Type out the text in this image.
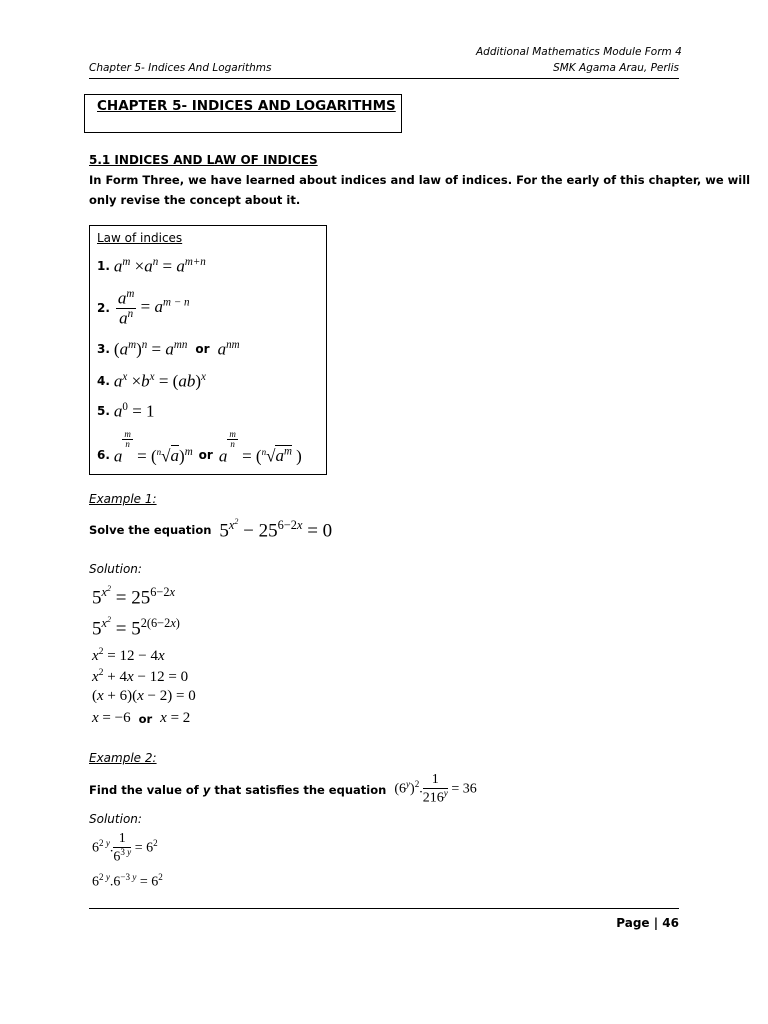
Additional Mathematics Module Form 4
Chapter 5- Indices And Logarithms	SMK Agama Arau, Perlis
CHAPTER 5- INDICES AND LOGARITHMS
5.1 INDICES AND LAW OF INDICES
In Form Three, we have learned about indices and law of indices. For the early of this chapter, we will
only revise the concept about it.
Law of indices
1. $a^m \times a^n = a^{m+n}$
2. $\frac{a^m}{a^n} = a^{m - n}$
3. $(a^m)^n = a^{mn}$ or $a^{nm}$
4. $a^x \times b^x = (ab)^x$
5. $a^0 = 1$
6. a
$\frac{m}{n}$
= $(^n√a)^m$ or a
$\frac{m}{n}$
= ($^n√a^m$ )
Example 1:
Solve the equation $5^{x^2} - 25^{6-2x} = 0$
Solution:
$5^{x^2} = 25^{6-2x}$
$5^{x^2} = 5^{2(6-2x)}$
$x^2 = 12 - 4x$
$x^2 + 4x - 12 = 0$
(x + 6)(x − 2) = 0
x = −6 or x = 2
Example 2:
Find the value of y that satisfies the equation $(6^y)^2$. $\frac{1}{216^y} = 36$
Solution:
$6^{2 y}$. $\frac{1}{6^{3 y}} = 6^2$
$6^{2 y}.6^{-3 y} = 6^2$
Page | 46
